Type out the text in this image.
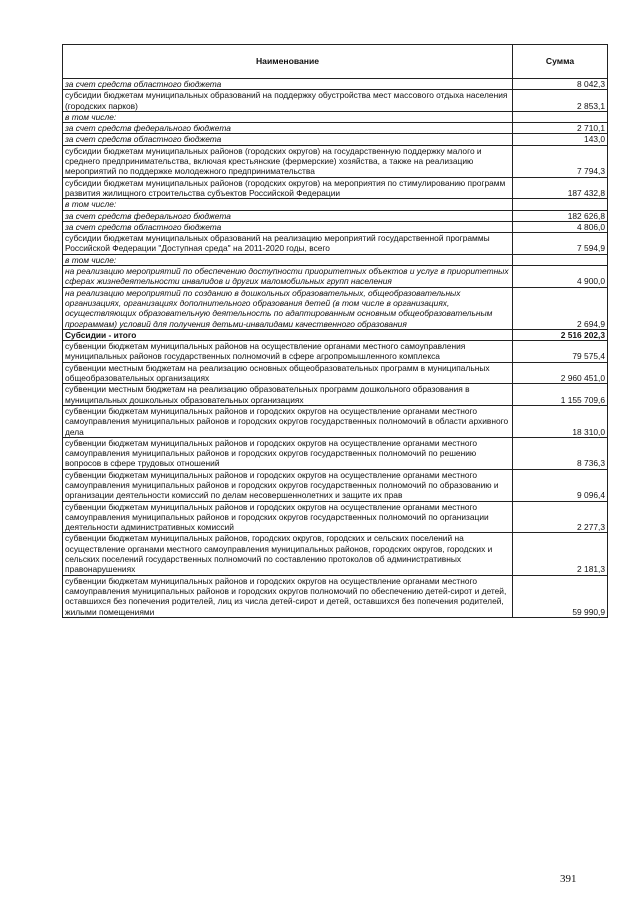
Наименование	Сумма
за счет средств областного бюджета	8 042,3
субсидии бюджетам муниципальных образований на поддержку обустройства мест массового отдыха населения (городских парков)	2 853,1
в том числе:	
за счет средств федерального бюджета	2 710,1
за счет средств областного бюджета	143,0
субсидии бюджетам муниципальных районов (городских округов) на государственную поддержку малого и среднего предпринимательства, включая крестьянские (фермерские) хозяйства, а также на реализацию мероприятий по поддержке молодежного предпринимательства	7 794,3
субсидии бюджетам муниципальных районов (городских округов) на мероприятия по стимулированию программ развития жилищного строительства субъектов Российской Федерации	187 432,8
в том числе:	
за счет средств федерального бюджета	182 626,8
за счет средств областного бюджета	4 806,0
субсидии бюджетам муниципальных образований на реализацию мероприятий государственной программы Российской Федерации "Доступная среда" на 2011-2020 годы, всего	7 594,9
в том числе:	
на реализацию мероприятий по обеспечению доступности приоритетных объектов и услуг в приоритетных сферах жизнедеятельности инвалидов и других маломобильных групп населения	4 900,0
на реализацию мероприятий по созданию в дошкольных образовательных, общеобразовательных организациях, организациях дополнительного образования детей (в том числе в организациях, осуществляющих образовательную деятельность по адаптированным основным общеобразовательным программам) условий для получения детьми-инвалидами качественного образования	2 694,9
Субсидии - итого	2 516 202,3
субвенции бюджетам муниципальных районов на осуществление органами местного самоуправления муниципальных районов государственных полномочий в сфере агропромышленного комплекса	79 575,4
субвенции местным бюджетам на реализацию основных общеобразовательных программ в муниципальных общеобразовательных организациях	2 960 451,0
субвенции местным бюджетам на реализацию образовательных программ дошкольного образования в муниципальных дошкольных образовательных организациях	1 155 709,6
субвенции бюджетам муниципальных районов и городских округов на осуществление органами местного самоуправления муниципальных районов и городских округов государственных полномочий в области архивного дела	18 310,0
субвенции бюджетам муниципальных районов и городских округов на осуществление органами местного самоуправления муниципальных районов и городских округов государственных полномочий по решению вопросов в сфере трудовых отношений	8 736,3
субвенции бюджетам муниципальных районов и городских округов на осуществление органами местного самоуправления муниципальных районов и городских округов государственных полномочий по образованию и организации деятельности комиссий по делам несовершеннолетних и защите их прав	9 096,4
субвенции бюджетам муниципальных районов и городских округов на осуществление органами местного самоуправления муниципальных районов и городских округов государственных полномочий по организации деятельности административных комиссий	2 277,3
субвенции бюджетам муниципальных районов, городских округов, городских и сельских поселений на осуществление органами местного самоуправления муниципальных районов, городских округов, городских и сельских поселений государственных полномочий по составлению протоколов об административных правонарушениях	2 181,3
субвенции бюджетам муниципальных районов и городских округов на осуществление органами местного самоуправления муниципальных районов и городских округов полномочий по обеспечению детей-сирот и детей, оставшихся без попечения родителей, лиц из числа детей-сирот и детей, оставшихся без попечения родителей, жилыми помещениями	59 990,9
391
